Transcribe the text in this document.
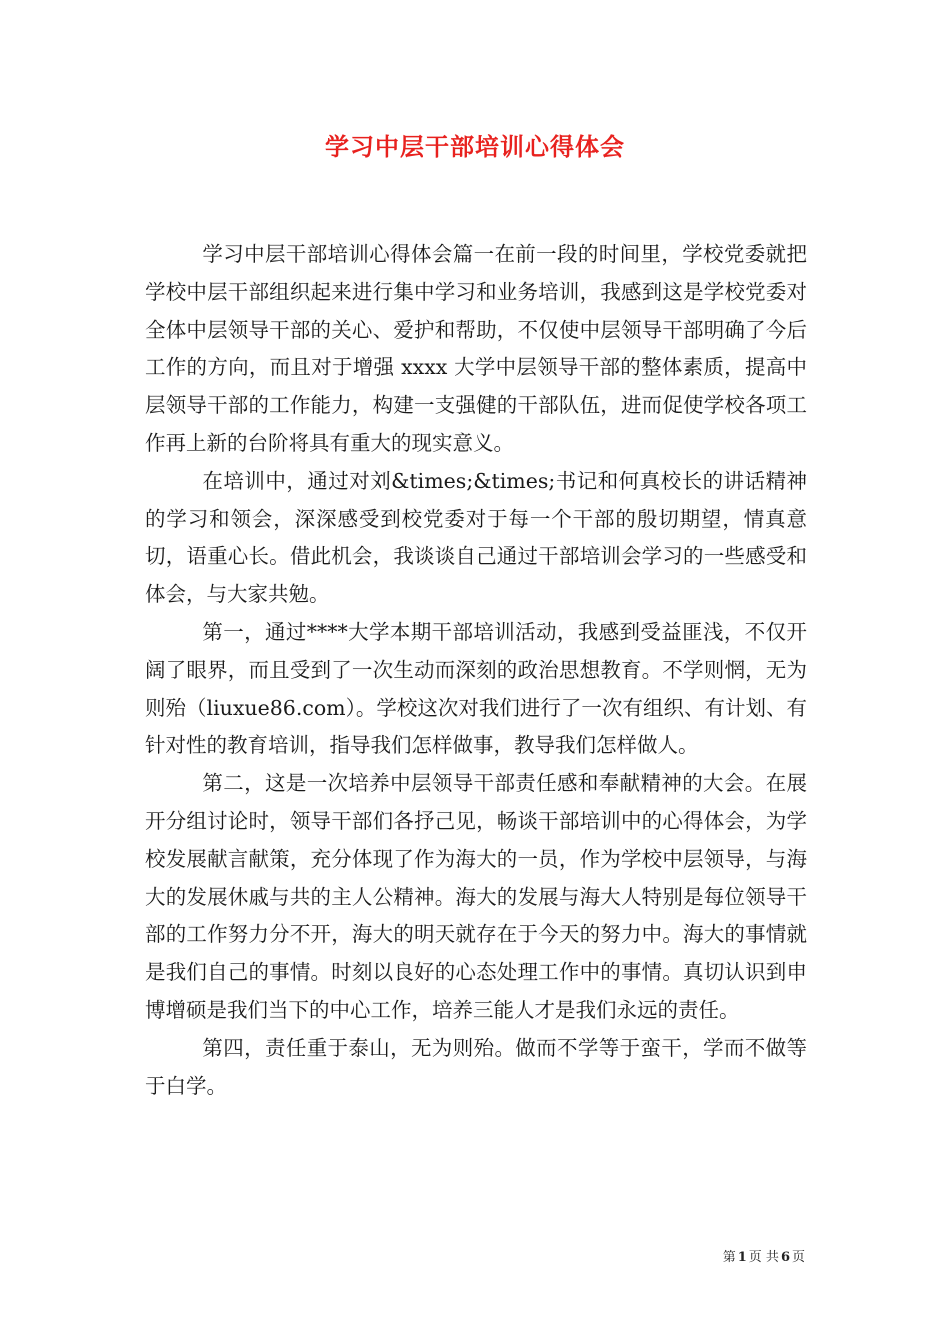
学习中层干部培训心得体会

学习中层干部培训心得体会篇一在前一段的时间里，学校党委就把学校中层干部组织起来进行集中学习和业务培训，我感到这是学校党委对全体中层领导干部的关心、爱护和帮助，不仅使中层领导干部明确了今后工作的方向，而且对于增强 xxxx 大学中层领导干部的整体素质，提高中层领导干部的工作能力，构建一支强健的干部队伍，进而促使学校各项工作再上新的台阶将具有重大的现实意义。

在培训中，通过对刘&times;&times;书记和何真校长的讲话精神的学习和领会，深深感受到校党委对于每一个干部的殷切期望，情真意切，语重心长。借此机会，我谈谈自己通过干部培训会学习的一些感受和体会，与大家共勉。

第一，通过****大学本期干部培训活动，我感到受益匪浅，不仅开阔了眼界，而且受到了一次生动而深刻的政治思想教育。不学则惘，无为则殆（liuxue86.com）。学校这次对我们进行了一次有组织、有计划、有针对性的教育培训，指导我们怎样做事，教导我们怎样做人。

第二，这是一次培养中层领导干部责任感和奉献精神的大会。在展开分组讨论时，领导干部们各抒己见，畅谈干部培训中的心得体会，为学校发展献言献策，充分体现了作为海大的一员，作为学校中层领导，与海大的发展休戚与共的主人公精神。海大的发展与海大人特别是每位领导干部的工作努力分不开，海大的明天就存在于今天的努力中。海大的事情就是我们自己的事情。时刻以良好的心态处理工作中的事情。真切认识到申博增硕是我们当下的中心工作，培养三能人才是我们永远的责任。

第四，责任重于泰山，无为则殆。做而不学等于蛮干，学而不做等于白学。

第 1 页 共 6 页
